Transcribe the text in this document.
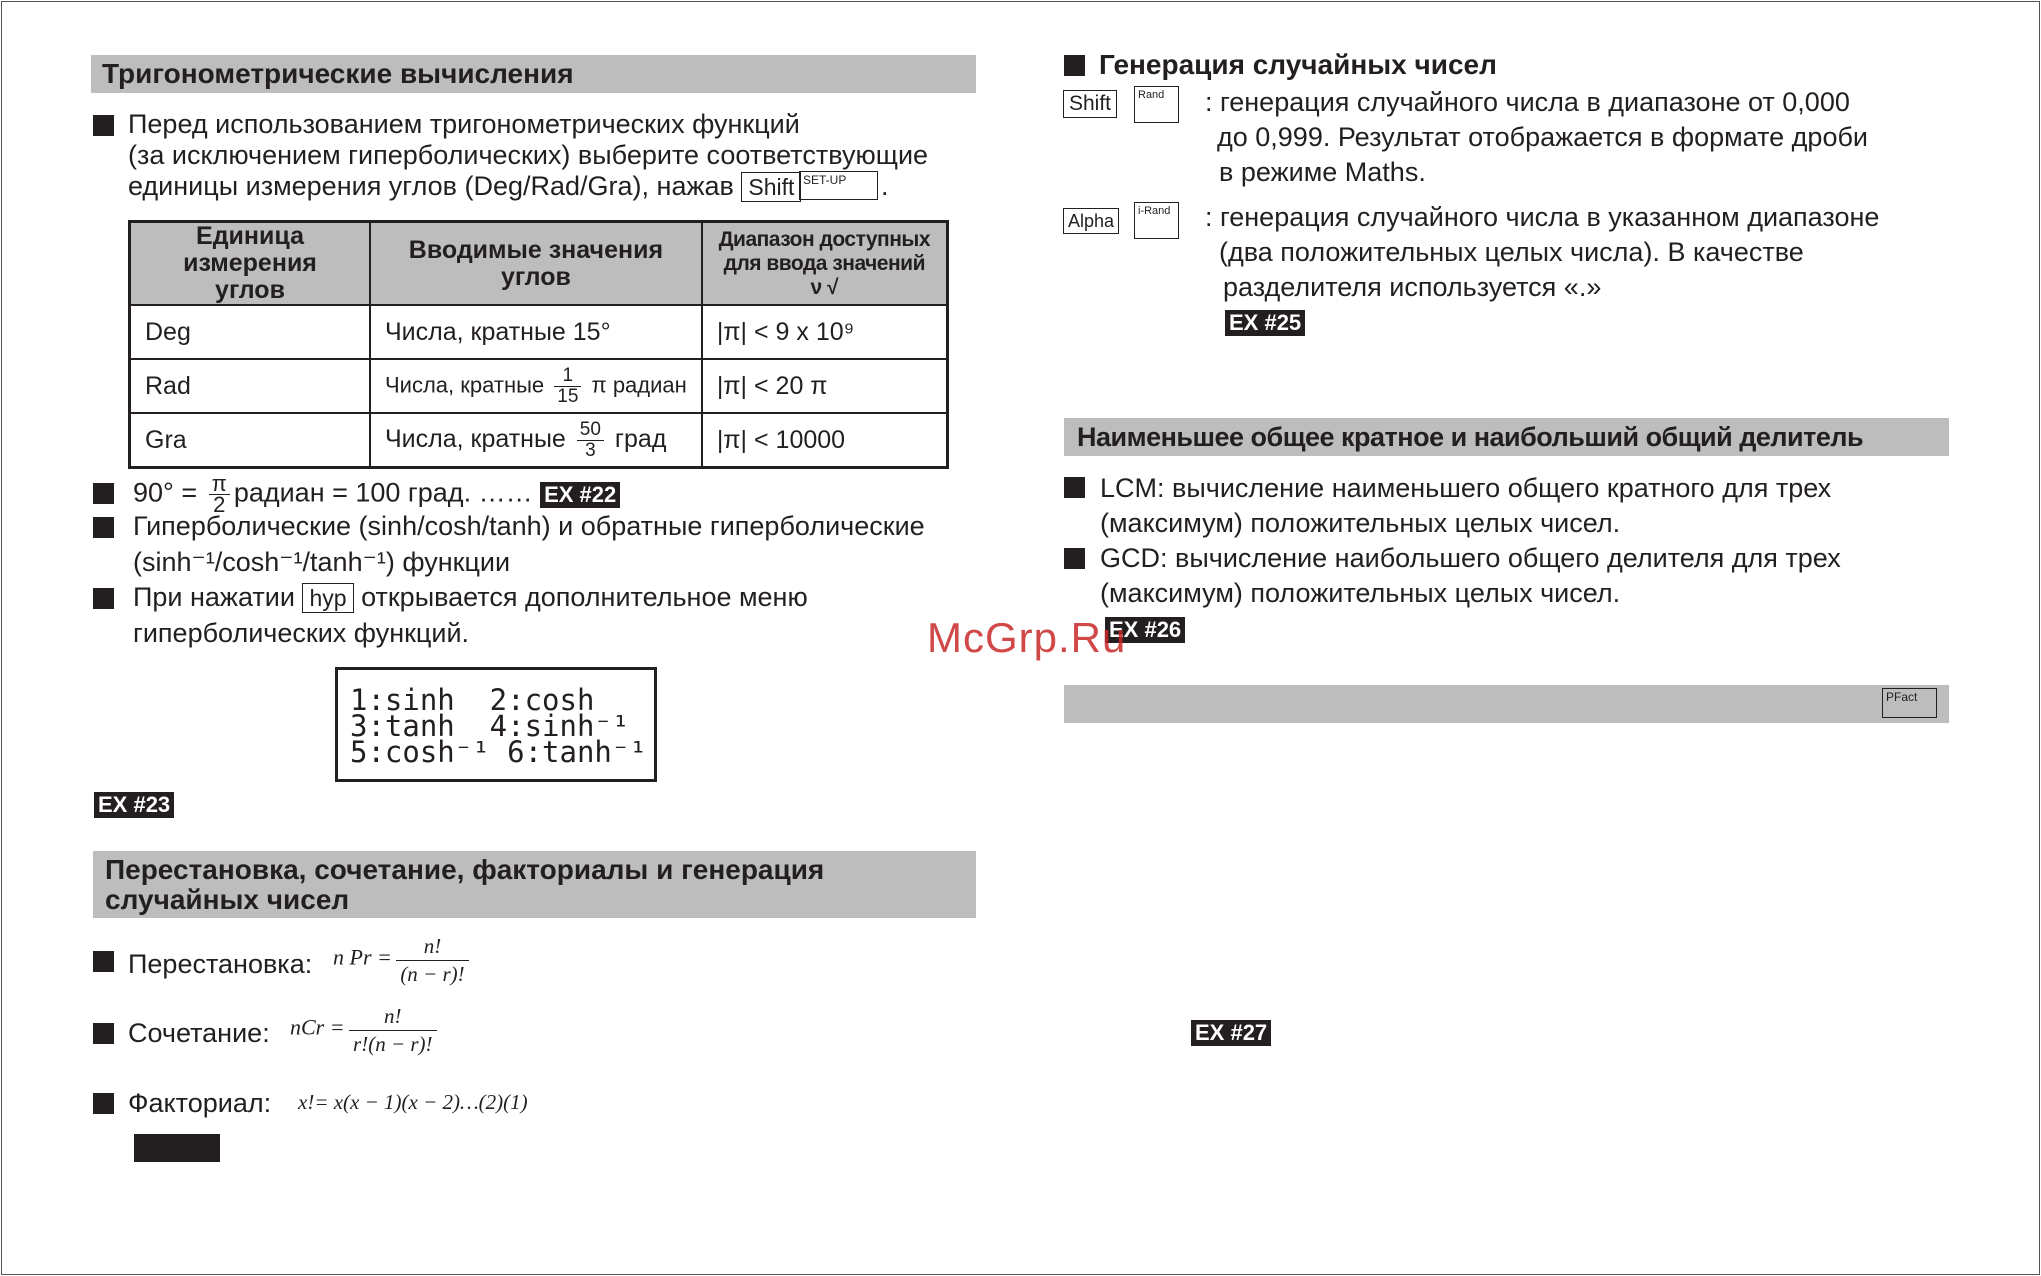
Тригонометрические вычисления
Перед использованием тригонометрических функций
(за исключением гиперболических) выберите соответствующие
единицы измерения углов (Deg/Rad/Gra), нажав Shift SET-UP	.
Единица измерения углов	Вводимые значения углов	Диапазон доступных для ввода значений ν √
Deg	Числа, кратные 15°	|π| < 9 x 10⁹
Rad	Числа, кратные $\frac{1}{15}$ π радиан	|π| < 20 π
Gra	Числа, кратные $\frac{50}{3}$ град	|π| < 10000
$90^\circ = \frac{\pi}{2}$ радиан = 100 град. …… EX #22
Гиперболические (sinh/cosh/tanh) и обратные гиперболические
(sinh⁻¹/cosh⁻¹/tanh⁻¹) функции
При нажатии hyp открывается дополнительное меню
гиперболических функций.
1:sinh  2:cosh
3:tanh  4:sinh⁻¹
5:cosh⁻¹ 6:tanh⁻¹
EX #23
Перестановка, сочетание, факториалы и генерация
случайных чисел
Перестановка: n $Pr = \frac{n!}{(n - r)!}$
Сочетание: nCr = $\frac{n!}{r!(n - r)!}$
Факториал: x!= x(x − 1)(x − 2)…(2)(1)
Генерация случайных чисел
Shift	Rand	: генерация случайного числа в диапазоне от 0,000
до 0,999. Результат отображается в формате дроби
в режиме Maths.
Alpha	i-Rand	: генерация случайного числа в указанном диапазоне
(два положительных целых числа). В качестве
разделителя используется «.»
EX #25
Наименьшее общее кратное и наибольший общий делитель
LCM: вычисление наименьшего общего кратного для трех
(максимум) положительных целых чисел.
GCD: вычисление наибольшего общего делителя для трех
(максимум) положительных целых чисел.
EX #26
PFact
EX #27
McGrp.Ru
